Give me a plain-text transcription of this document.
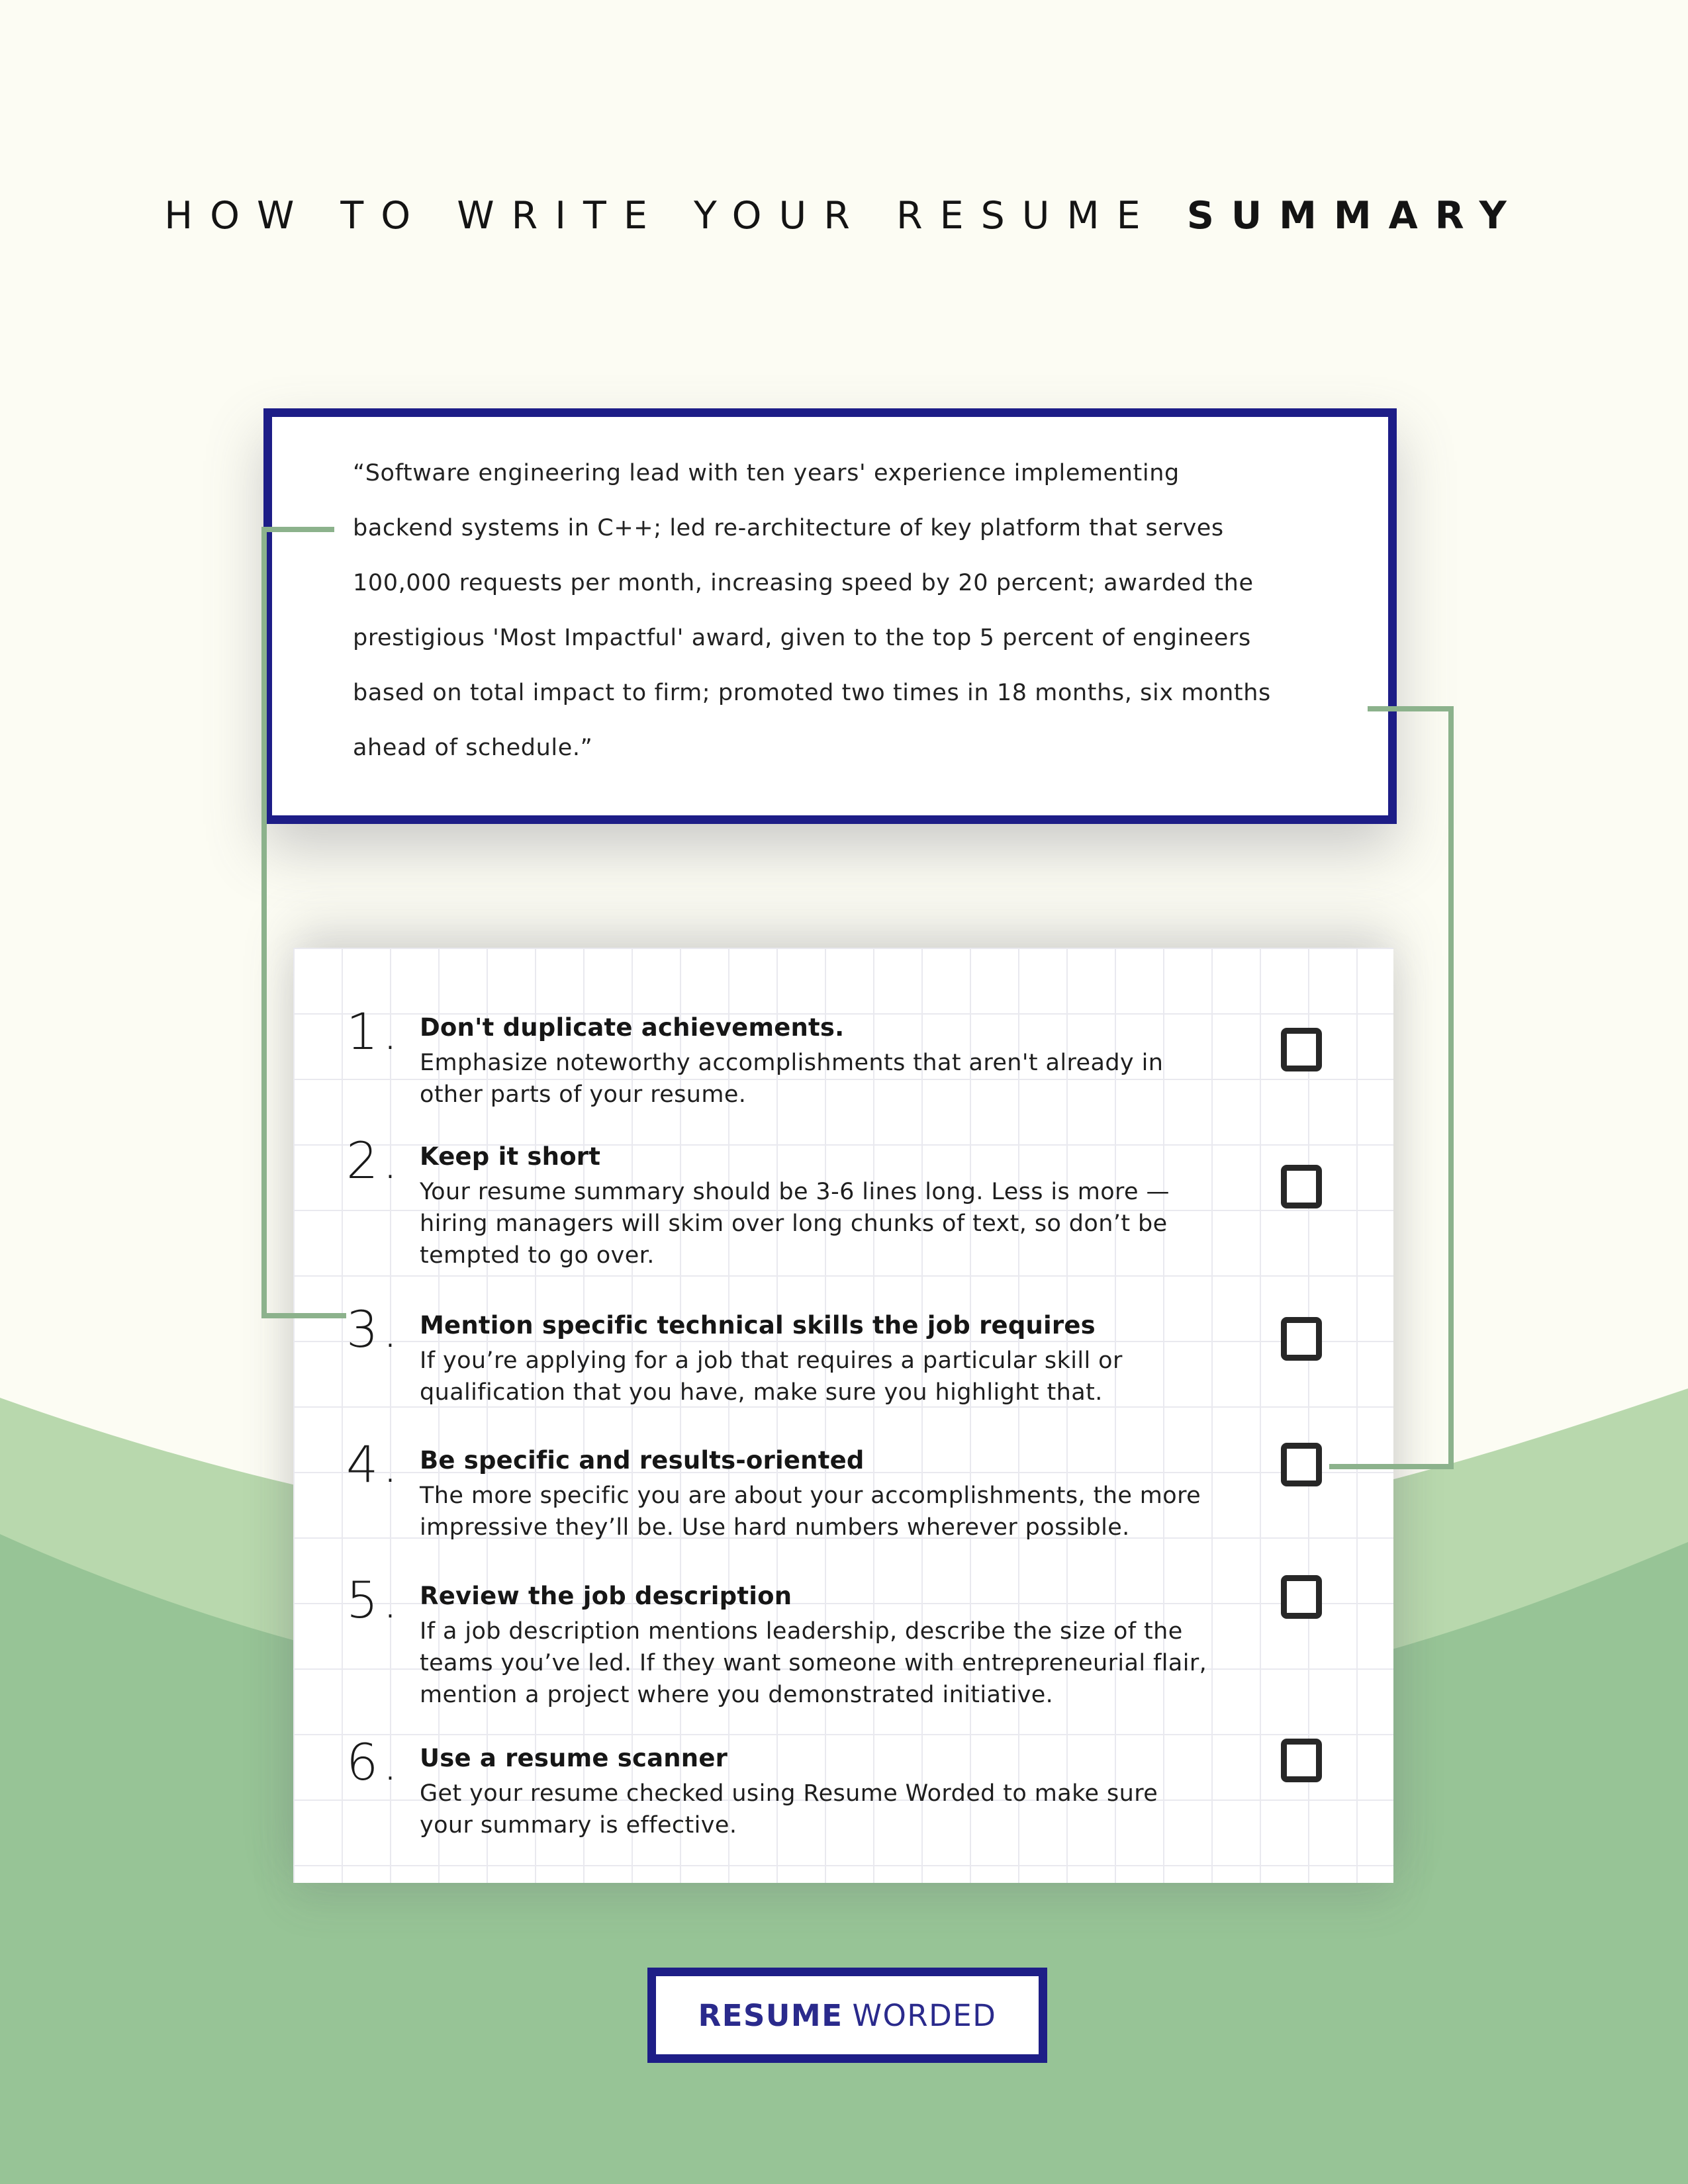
HOW TO WRITE YOUR RESUME SUMMARY
“Software engineering lead with ten years' experience implementing
backend systems in C++; led re-architecture of key platform that serves
100,000 requests per month, increasing speed by 20 percent; awarded the
prestigious 'Most Impactful' award, given to the top 5 percent of engineers
based on total impact to firm; promoted two times in 18 months, six months
ahead of schedule.”
1. Don't duplicate achievements.
Emphasize noteworthy accomplishments that aren't already in
other parts of your resume.
2. Keep it short
Your resume summary should be 3-6 lines long. Less is more —
hiring managers will skim over long chunks of text, so don’t be
tempted to go over.
3. Mention specific technical skills the job requires
If you’re applying for a job that requires a particular skill or
qualification that you have, make sure you highlight that.
4. Be specific and results-oriented
The more specific you are about your accomplishments, the more
impressive they’ll be. Use hard numbers wherever possible.
5. Review the job description
If a job description mentions leadership, describe the size of the
teams you’ve led. If they want someone with entrepreneurial flair,
mention a project where you demonstrated initiative.
6. Use a resume scanner
Get your resume checked using Resume Worded to make sure
your summary is effective.
RESUME WORDED
